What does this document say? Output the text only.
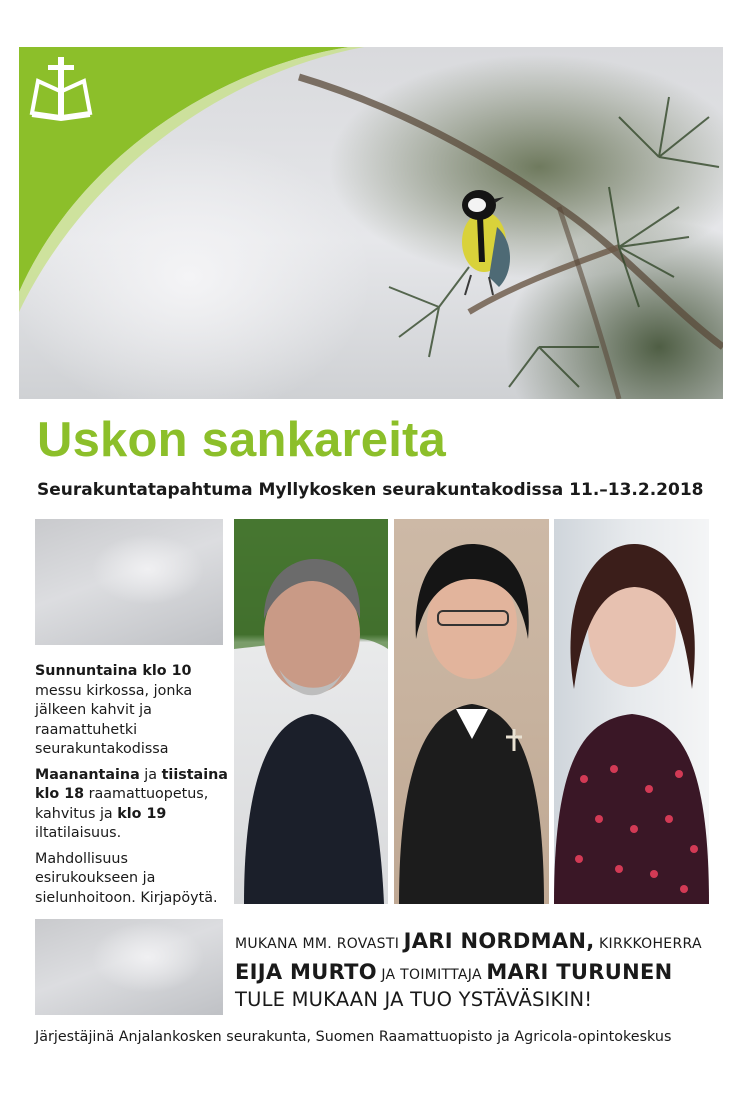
Uskon sankareita
Seurakuntatapahtuma Myllykosken seurakuntakodissa 11.–13.2.2018

Sunnuntaina klo 10
messu kirkossa, jonka jälkeen kahvit ja raamattuhetki seurakuntakodissa

Maanantaina ja tiistaina klo 18 raamattuopetus, kahvitus ja klo 19 iltatilaisuus.

Mahdollisuus esirukoukseen ja sielunhoitoon. Kirjapöytä.

MUKANA MM. ROVASTI JARI NORDMAN, KIRKKOHERRA
EIJA MURTO JA TOIMITTAJA MARI TURUNEN
TULE MUKAAN JA TUO YSTÄVÄSIKIN!
Järjestäjinä Anjalankosken seurakunta, Suomen Raamattuopisto ja Agricola-opintokeskus
